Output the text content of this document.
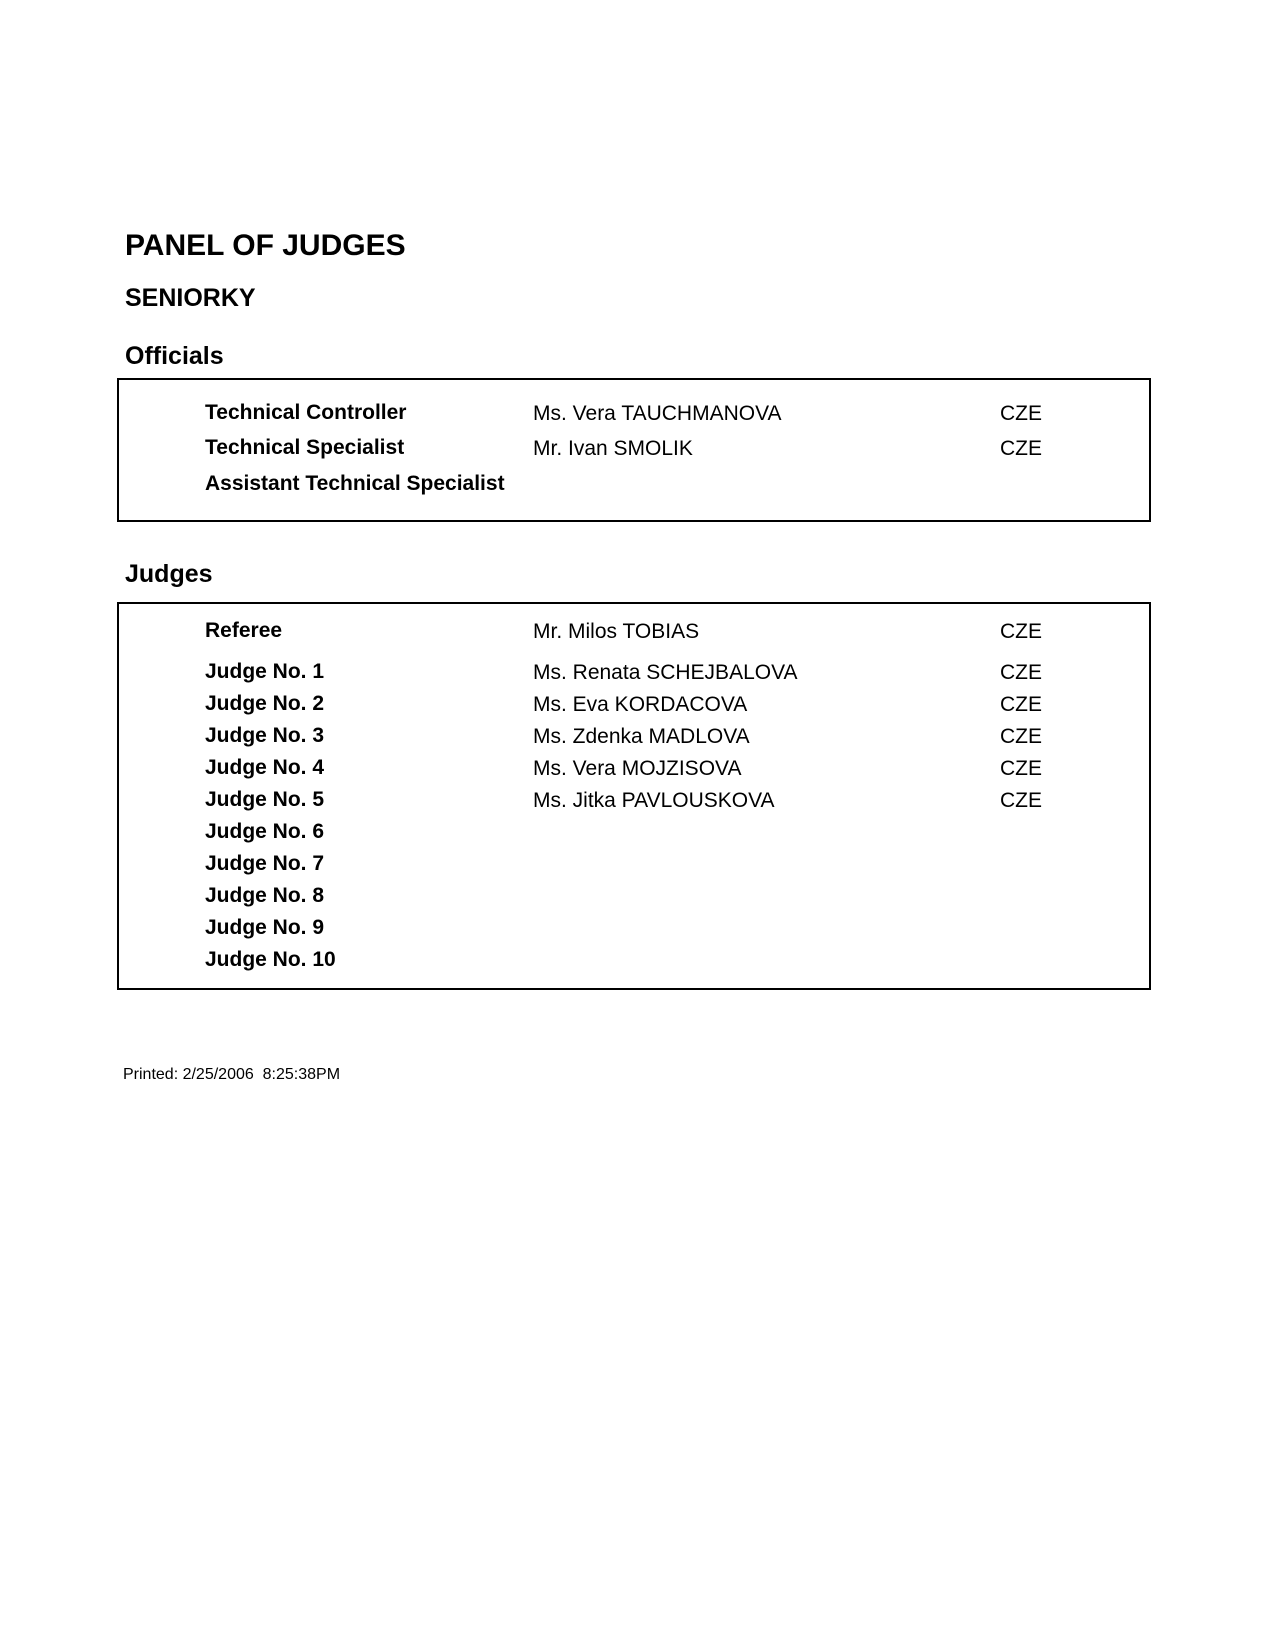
PANEL OF JUDGES
SENIORKY
Officials
Technical Controller	Ms. Vera TAUCHMANOVA	CZE
Technical Specialist	Mr. Ivan SMOLIK	CZE
Assistant Technical Specialist
Judges
Referee	Mr. Milos TOBIAS	CZE
Judge No. 1	Ms. Renata SCHEJBALOVA	CZE
Judge No. 2	Ms. Eva KORDACOVA	CZE
Judge No. 3	Ms. Zdenka MADLOVA	CZE
Judge No. 4	Ms. Vera MOJZISOVA	CZE
Judge No. 5	Ms. Jitka PAVLOUSKOVA	CZE
Judge No. 6
Judge No. 7
Judge No. 8
Judge No. 9
Judge No. 10
Printed: 2/25/2006  8:25:38PM
